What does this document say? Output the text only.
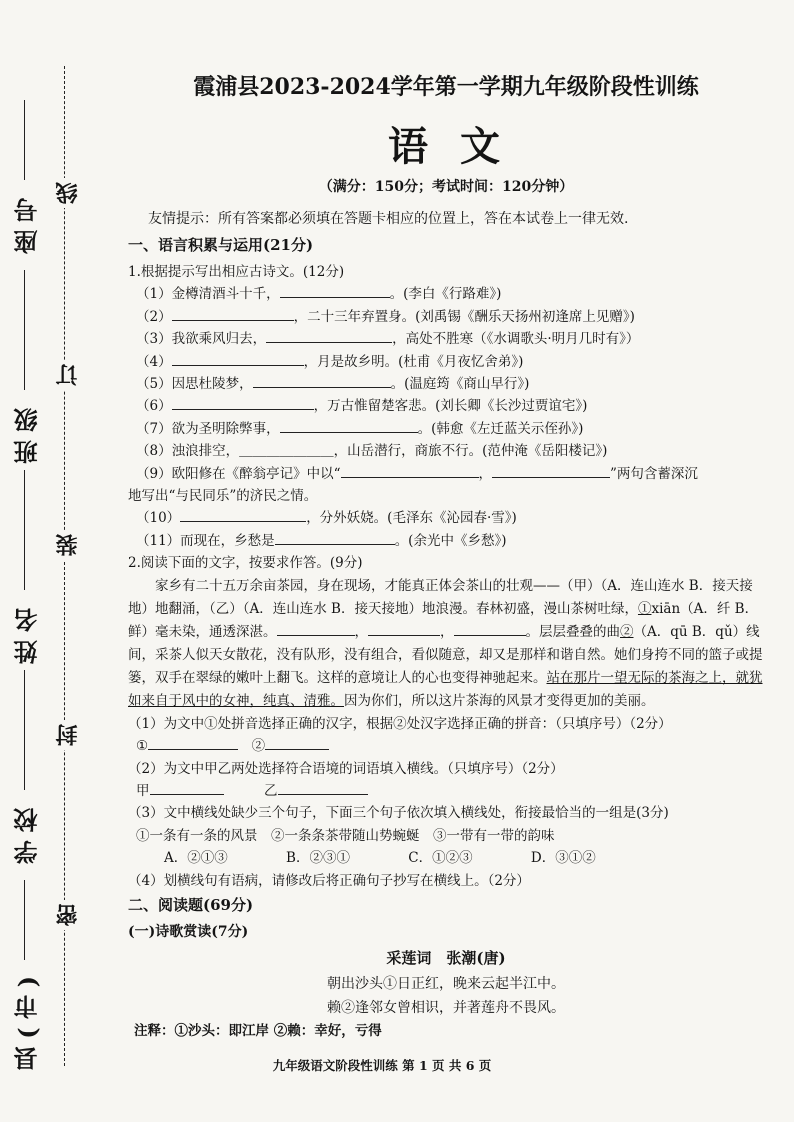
线
订
装
封
密
座号
班级
姓名
学校
县(市)
霞浦县2023-2024学年第一学期九年级阶段性训练
语文
（满分：150分；考试时间：120分钟）
友情提示：所有答案都必须填在答题卡相应的位置上，答在本试卷上一律无效.
一、语言积累与运用(21分)

1.根据提示写出相应古诗文。(12分)

（1）金樽清酒斗十千，	。(李白《行路难》)

（2）	，二十三年弃置身。(刘禹锡《酬乐天扬州初逢席上见赠》)

（3）我欲乘风归去，	，高处不胜寒（《水调歌头·明月几时有》）

（4）	，月是故乡明。(杜甫《月夜忆舍弟》)

（5）因思杜陵梦，	。(温庭筠《商山早行》)

（6）	，万古惟留楚客悲。(刘长卿《长沙过贾谊宅》)

（7）欲为圣明除弊事，	。(韩愈《左迁蓝关示侄孙》)

（8）浊浪排空，＿＿＿＿＿＿＿，山岳潜行，商旅不行。(范仲淹《岳阳楼记》)

（9）欧阳修在《醉翁亭记》中以“	，	”两句含蓄深沉

地写出“与民同乐”的济民之情。

（10）	，分外妖娆。(毛泽东《沁园春·雪》)

（11）而现在，乡愁是	。(余光中《乡愁》)

2.阅读下面的文字，按要求作答。(9分)

家乡有二十五万余亩茶园，身在现场，才能真正体会茶山的壮观——（甲）（A．连山连水 B．接天接地）地翻涌，（乙）（A．连山连水 B．接天接地）地浪漫。春林初盛，漫山茶树吐绿，①xiān（A．纤 B．鲜）毫未染，通透深湛。	，	，	。层层叠叠的曲②（A．qū B．qǔ）线间，采茶人似天女散花，没有队形，没有组合，看似随意，却又是那样和谐自然。她们身挎不同的篮子或提篓，双手在翠绿的嫩叶上翻飞。这样的意境让人的心也变得神驰起来。站在那片一望无际的茶海之上，就犹如来自于风中的女神，纯真、清雅。因为你们，所以这片茶海的风景才变得更加的美丽。

（1）为文中①处拼音选择正确的汉字，根据②处汉字选择正确的拼音：（只填序号）（2分）

①　	②

（2）为文中甲乙两处选择符合语境的词语填入横线。（只填序号）（2分）

甲　　　	乙

（3）文中横线处缺少三个句子，下面三个句子依次填入横线处，衔接最恰当的一组是(3分)

①一条有一条的风景　②一条条茶带随山势蜿蜒　③一带有一带的韵味

A．②①③　　　　	B．②③①　　　　	C．①②③　　　　	D．③①②

（4）划横线句有语病，请修改后将正确句子抄写在横线上。（2分）

二、阅读题(69分)
(一)诗歌赏读(7分)
采莲词　张潮(唐)

朝出沙头①日正红，晚来云起半江中。

赖②逢邻女曾相识，并著莲舟不畏风。

注释：①沙头：即江岸 ②赖：幸好，亏得
九年级语文阶段性训练 第 1 页 共 6 页
